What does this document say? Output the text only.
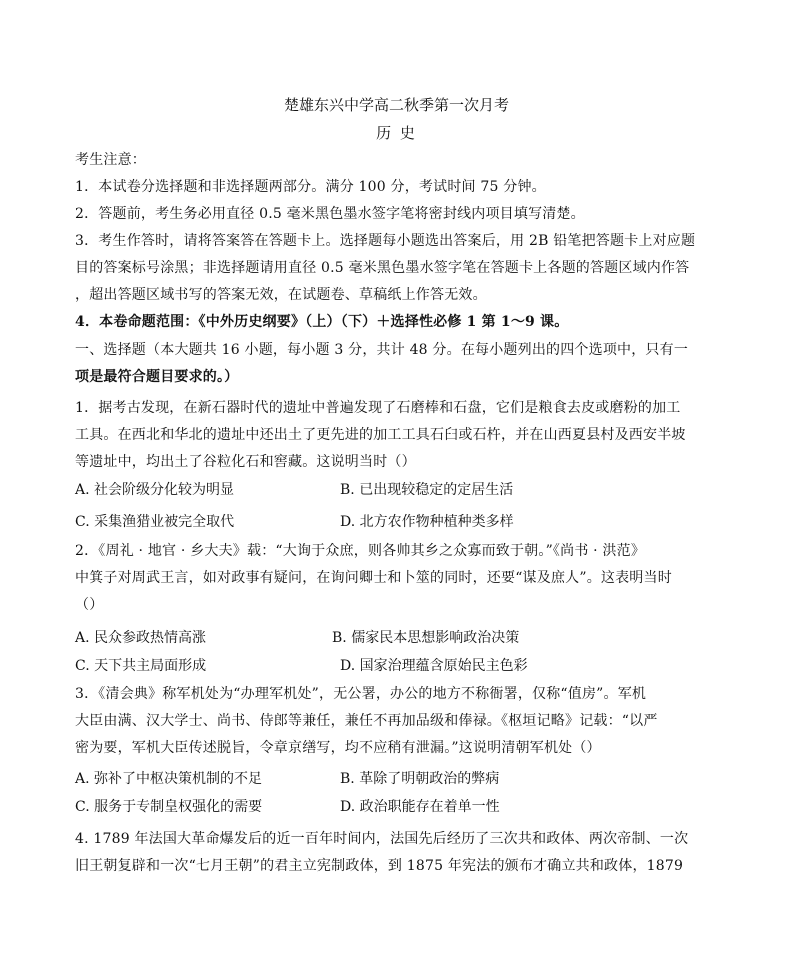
楚雄东兴中学高二秋季第一次月考
历 史
考生注意：
1．本试卷分选择题和非选择题两部分。满分 100 分，考试时间 75 分钟。
2．答题前，考生务必用直径 0.5 毫米黑色墨水签字笔将密封线内项目填写清楚。
3．考生作答时，请将答案答在答题卡上。选择题每小题选出答案后，用 2B 铅笔把答题卡上对应题
目的答案标号涂黑；非选择题请用直径 0.5 毫米黑色墨水签字笔在答题卡上各题的答题区域内作答
，超出答题区域书写的答案无效，在试题卷、草稿纸上作答无效。
4．本卷命题范围：《中外历史纲要》（上）（下）＋选择性必修 1 第 1～9 课。
一、选择题（本大题共 16 小题，每小题 3 分，共计 48 分。在每小题列出的四个选项中，只有一
项是最符合题目要求的。）
1．据考古发现，在新石器时代的遗址中普遍发现了石磨棒和石盘，它们是粮食去皮或磨粉的加工
工具。在西北和华北的遗址中还出土了更先进的加工工具石臼或石杵，并在山西夏县村及西安半坡
等遗址中，均出土了谷粒化石和窖藏。这说明当时（）
A. 社会阶级分化较为明显	B. 已出现较稳定的定居生活
C. 采集渔猎业被完全取代	D. 北方农作物种植种类多样
2．《周礼 · 地官 · 乡大夫》载：“大询于众庶，则各帅其乡之众寡而致于朝。”《尚书 · 洪范》
中箕子对周武王言，如对政事有疑问，在询问卿士和卜筮的同时，还要“谋及庶人”。这表明当时
（）
A. 民众参政热情高涨	B. 儒家民本思想影响政治决策
C. 天下共主局面形成	D. 国家治理蕴含原始民主色彩
3．《清会典》称军机处为“办理军机处”，无公署，办公的地方不称衙署，仅称“值房”。军机
大臣由满、汉大学士、尚书、侍郎等兼任，兼任不再加品级和俸禄。《枢垣记略》记载：“以严
密为要，军机大臣传述脱旨，令章京缮写，均不应稍有泄漏。”这说明清朝军机处（）
A. 弥补了中枢决策机制的不足	B. 革除了明朝政治的弊病
C. 服务于专制皇权强化的需要	D. 政治职能存在着单一性
4. 1789 年法国大革命爆发后的近一百年时间内，法国先后经历了三次共和政体、两次帝制、一次
旧王朝复辟和一次“七月王朝”的君主立宪制政体，到 1875 年宪法的颁布才确立共和政体，1879
